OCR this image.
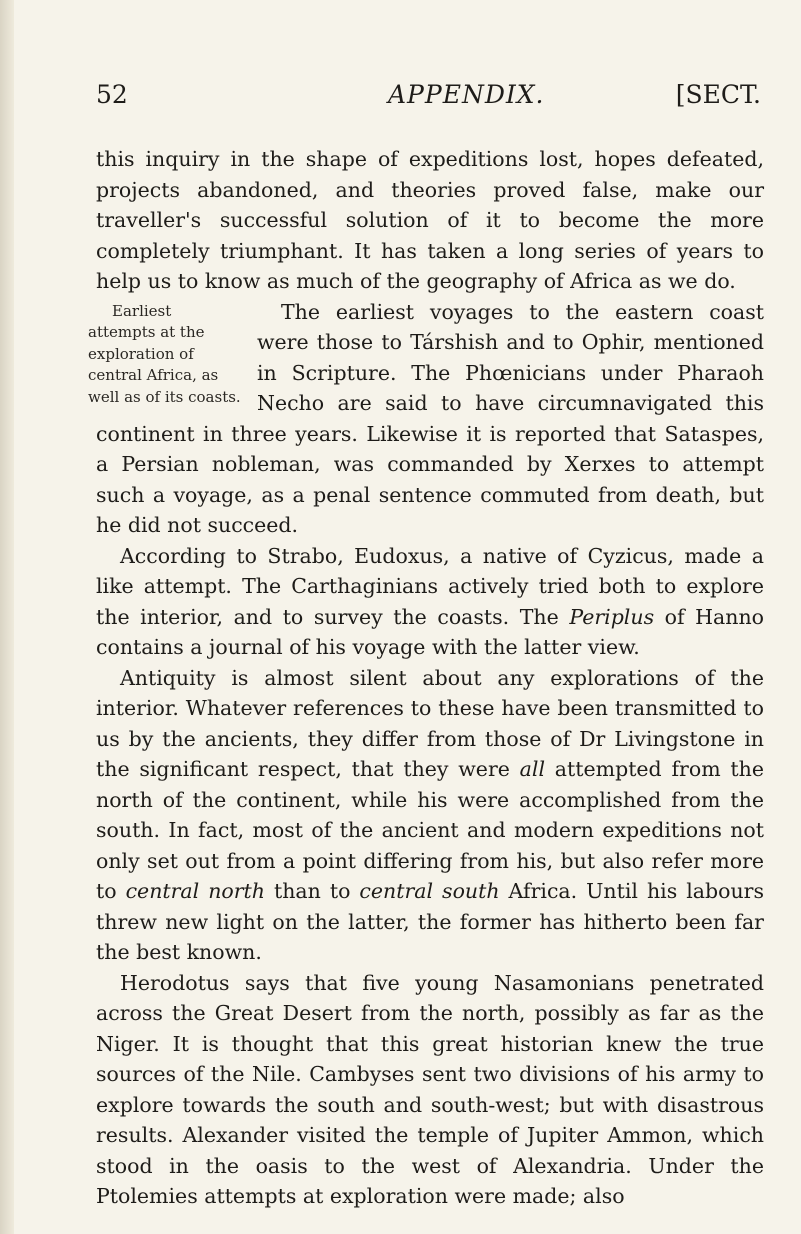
52	APPENDIX.	[SECT.

this inquiry in the shape of expeditions lost, hopes defeated, projects abandoned, and theories proved false, make our traveller's successful solution of it to become the more completely triumphant. It has taken a long series of years to help us to know as much of the geography of Africa as we do.

Earliest attempts at the exploration of central Africa, as well as of its coasts.
The earliest voyages to the eastern coast were those to Társhish and to Ophir, mentioned in Scripture. The Phœnicians under Pharaoh Necho are said to have circumnavigated this continent in three years. Likewise it is reported that Sataspes, a Persian nobleman, was commanded by Xerxes to attempt such a voyage, as a penal sentence commuted from death, but he did not succeed.

According to Strabo, Eudoxus, a native of Cyzicus, made a like attempt. The Carthaginians actively tried both to explore the interior, and to survey the coasts. The Periplus of Hanno contains a journal of his voyage with the latter view.

Antiquity is almost silent about any explorations of the interior. Whatever references to these have been transmitted to us by the ancients, they differ from those of Dr Livingstone in the significant respect, that they were all attempted from the north of the continent, while his were accomplished from the south. In fact, most of the ancient and modern expeditions not only set out from a point differing from his, but also refer more to central north than to central south Africa. Until his labours threw new light on the latter, the former has hitherto been far the best known.

Herodotus says that five young Nasamonians penetrated across the Great Desert from the north, possibly as far as the Niger. It is thought that this great historian knew the true sources of the Nile. Cambyses sent two divisions of his army to explore towards the south and south-west; but with disastrous results. Alexander visited the temple of Jupiter Ammon, which stood in the oasis to the west of Alexandria. Under the Ptolemies attempts at exploration were made; also
